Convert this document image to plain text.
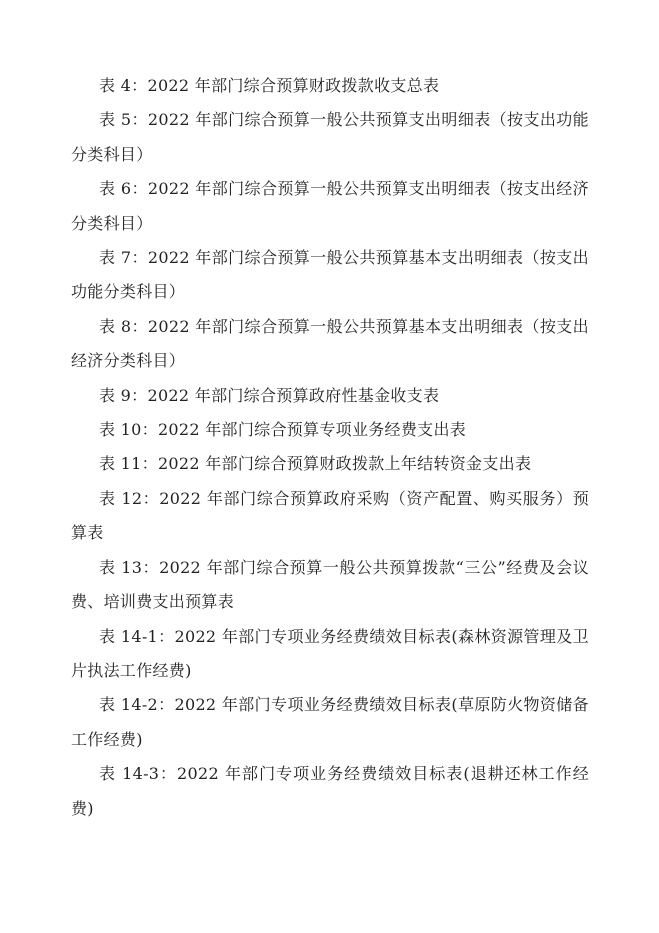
表 4：2022 年部门综合预算财政拨款收支总表

表 5：2022 年部门综合预算一般公共预算支出明细表（按支出功能分类科目）

表 6：2022 年部门综合预算一般公共预算支出明细表（按支出经济分类科目）

表 7：2022 年部门综合预算一般公共预算基本支出明细表（按支出功能分类科目）

表 8：2022 年部门综合预算一般公共预算基本支出明细表（按支出经济分类科目）

表 9：2022 年部门综合预算政府性基金收支表

表 10：2022 年部门综合预算专项业务经费支出表

表 11：2022 年部门综合预算财政拨款上年结转资金支出表

表 12：2022 年部门综合预算政府采购（资产配置、购买服务）预算表

表 13：2022 年部门综合预算一般公共预算拨款“三公”经费及会议费、培训费支出预算表

表 14-1：2022 年部门专项业务经费绩效目标表(森林资源管理及卫片执法工作经费)

表 14-2：2022 年部门专项业务经费绩效目标表(草原防火物资储备工作经费)

表 14-3：2022 年部门专项业务经费绩效目标表(退耕还林工作经费)
